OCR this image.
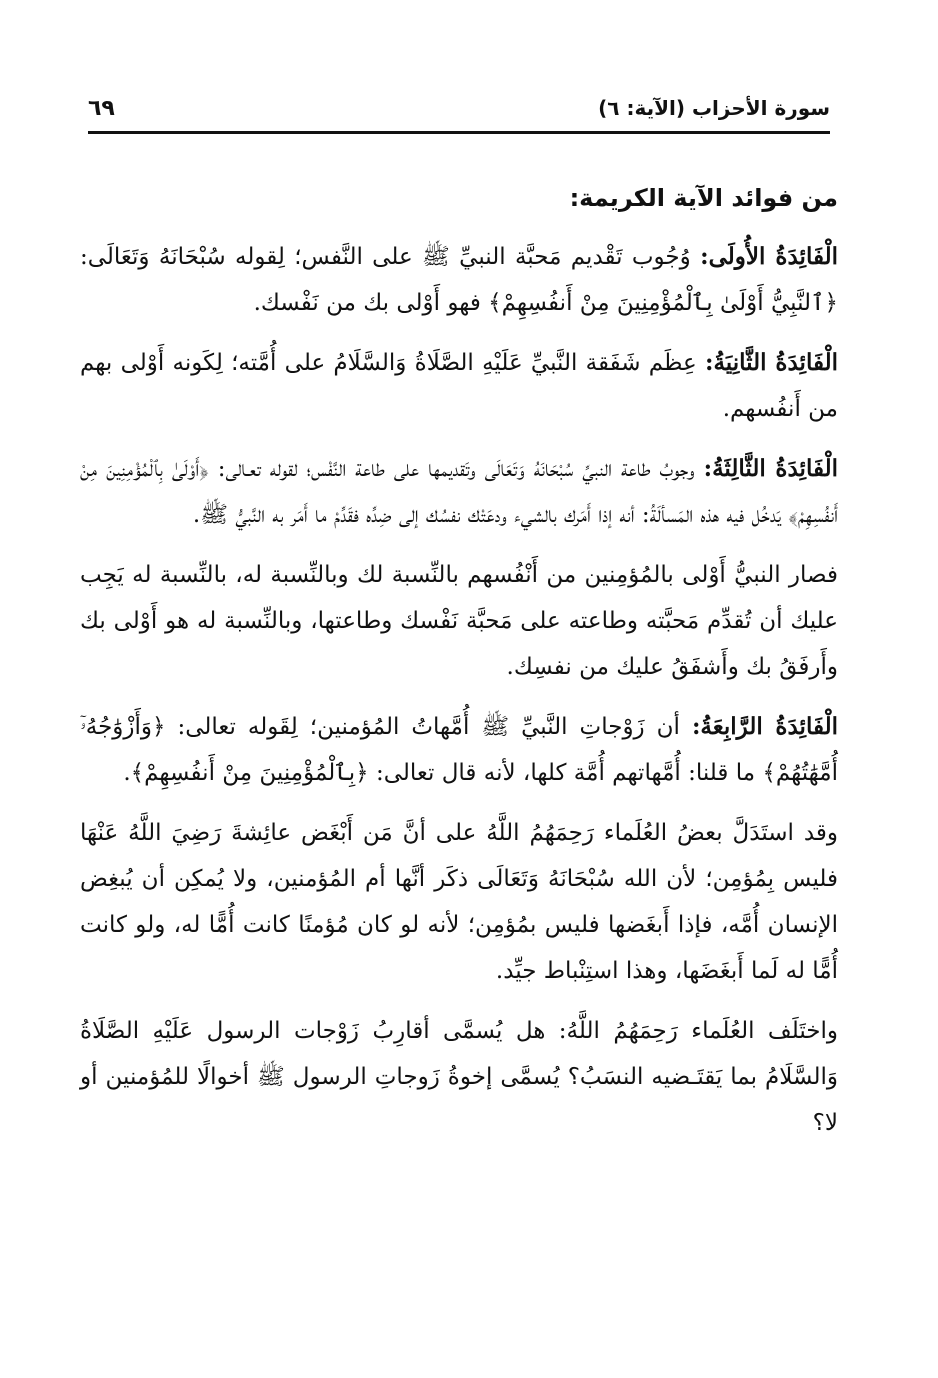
سورة الأحزاب (الآية: ٦)
٦٩
من فوائد الآية الكريمة:

الْفَائِدَةُ الأُولَى: وُجُوب تَقْديم مَحبَّة النبيِّ ﷺ على النَّفس؛ لِقوله سُبْحَانَهُ وَتَعَالَى: ﴿ٱلنَّبِيُّ أَوْلَىٰ بِٱلْمُؤْمِنِينَ مِنْ أَنفُسِهِمْ﴾ فهو أَوْلى بك من نَفْسك.

الْفَائِدَةُ الثَّانِيَةُ: عِظَم شَفَقة النَّبيِّ عَلَيْهِ الصَّلَاةُ وَالسَّلَامُ على أُمَّته؛ لِكَونه أَوْلى بهم من أَنفُسهم.

الْفَائِدَةُ الثَّالِثَةُ: وجوبُ طاعة النبيِّ سُبْحَانَهُ وَتَعَالَى وتَقديمها على طاعة النَّفْس؛ لقوله تعـالى: ﴿أَوْلَىٰ بِٱلْمُؤْمِنِينَ مِنْ أَنفُسِهِمْ﴾ يَدخُل فيه هذه المَسألَةُ: أنه إذا أَمَرك بالشيء ودعَتْك نفسُك إلى ضِدِّه فقَدِّمْ ما أَمَر به النَّبيُّ ﷺ.

فصار النبيُّ أَوْلى بالمُؤمِنين من أَنْفُسهم بالنِّسبة لك وبالنِّسبة له، بالنِّسبة له يَجِب عليك أن تُقدِّم مَحبَّته وطاعته على مَحبَّة نَفْسك وطاعتها، وبالنِّسبة له هو أَوْلى بك وأَرفَقُ بك وأَشفَقُ عليك من نفسِك.

الْفَائِدَةُ الرَّابِعَةُ: أن زَوْجاتِ النَّبيِّ ﷺ أُمَّهاتُ المُؤمنين؛ لِقَوله تعالى: ﴿وَأَزْوَٰجُهُۥٓ أُمَّهَٰتُهُمْ﴾ ما قلنا: أُمَّهاتهم أُمَّة كلها، لأنه قال تعالى: ﴿بِٱلْمُؤْمِنِينَ مِنْ أَنفُسِهِمْ﴾.

وقد استَدَلَّ بعضُ العُلَماء رَحِمَهُمُ اللَّهُ على أنَّ مَن أَبْغَض عائِشةَ رَضِيَ اللَّهُ عَنْهَا فليس بِمُؤمِن؛ لأن الله سُبْحَانَهُ وَتَعَالَى ذكَر أنَّها أم المُؤمنين، ولا يُمكِن أن يُبغِض الإنسان أُمَّه، فإذا أَبغَضها فليس بمُؤمِن؛ لأنه لو كان مُؤمنًا كانت أُمًّا له، ولو كانت أُمًّا له لَما أَبغَضَها، وهذا استِنْباط جيِّد.

واختَلَف العُلَماء رَحِمَهُمُ اللَّهُ: هل يُسمَّى أقارِبُ زَوْجات الرسول عَلَيْهِ الصَّلَاةُ وَالسَّلَامُ بما يَقتَـضيه النسَبُ؟ يُسمَّى إخوةُ زَوجاتِ الرسول ﷺ أخوالًا للمُؤمنين أو لا؟
